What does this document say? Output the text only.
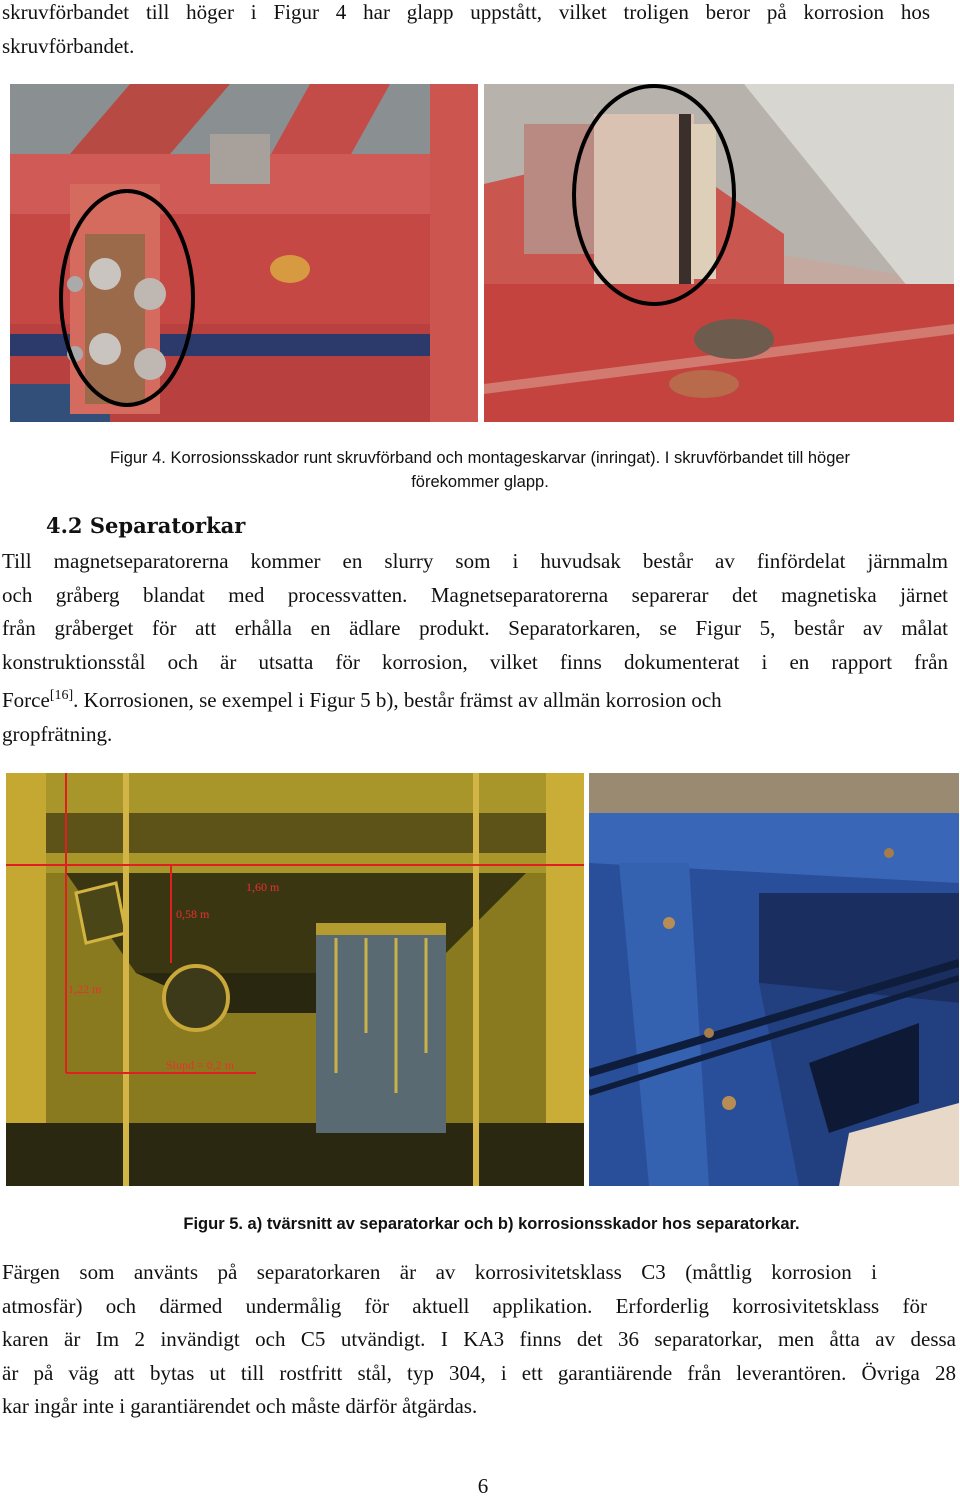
skruvförbandet till höger i Figur 4 har glapp uppstått, vilket troligen beror på korrosion hos

skruvförbandet.

Figur 4. Korrosionsskador runt skruvförband och montageskarvar (inringat). I skruvförbandet till höger
förekommer glapp.
4.2 Separatorkar

Till magnetseparatorerna kommer en slurry som i huvudsak består av finfördelat järnmalm

och gråberg blandat med processvatten. Magnetseparatorerna separerar det magnetiska järnet

från gråberget för att erhålla en ädlare produkt. Separatorkaren, se Figur 5, består av målat

konstruktionsstål och är utsatta för korrosion, vilket finns dokumenterat i en rapport från

Force[16]. Korrosionen, se exempel i Figur 5 b), består främst av allmän korrosion och

gropfrätning.

1,60 m
0,58 m
1,22 m
Slupd = 0,2 m
Figur 5. a) tvärsnitt av separatorkar och b) korrosionsskador hos separatorkar.

Färgen som använts på separatorkaren är av korrosivitetsklass C3 (måttlig korrosion i

atmosfär) och därmed undermålig för aktuell applikation. Erforderlig korrosivitetsklass för

karen är Im 2 invändigt och C5 utvändigt. I KA3 finns det 36 separatorkar, men åtta av dessa

är på väg att bytas ut till rostfritt stål, typ 304, i ett garantiärende från leverantören. Övriga 28

kar ingår inte i garantiärendet och måste därför åtgärdas.

6
